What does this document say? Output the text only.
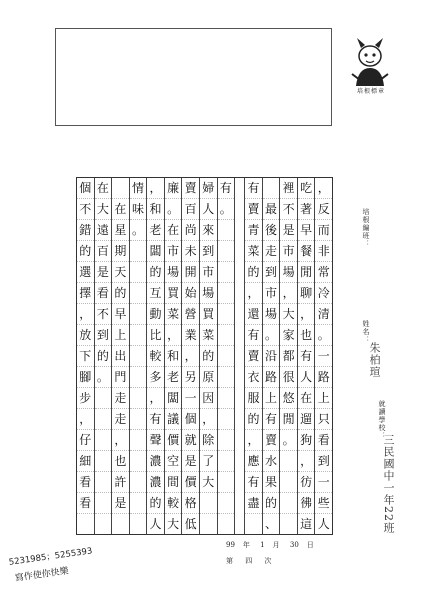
培根標章
，
反
而
非
常
冷
清
。
一
路
上
只
看
到
一
些
人
吃
著
早
餐
閒
聊
，
也
有
人
在
遛
狗
，
彷
彿
這
裡
不
是
市
場
，
大
家
都
很
悠
閒
。
最
後
走
到
市
場
。
沿
路
上
有
賣
水
果
的
、
有
賣
青
菜
的
，
還
有
賣
衣
服
的
，
應
有
盡
有
。
婦
人
來
到
市
場
買
菜
的
原
因
，
除
了
大
賣
百
尚
未
開
始
營
業
，
另
一
個
就
是
價
格
低
廉
。
在
市
場
買
菜
，
和
老
闆
議
價
空
間
較
大
，
和
老
闆
的
互
動
比
較
多
，
有
聲
濃
濃
的
人
情
味
。
在
星
期
天
的
早
上
出
門
走
走
，
也
許
是
在
大
遠
百
是
看
不
到
的
。
個
不
錯
的
選
擇
，
放
下
腳
步
，
仔
細
看
看
培根編班：
姓名：
朱柏瑄
就讀學校：
三民國中一年22班
5231985；5255393
寫作使你快樂
99 年 1 月 30 日
第 四 次
